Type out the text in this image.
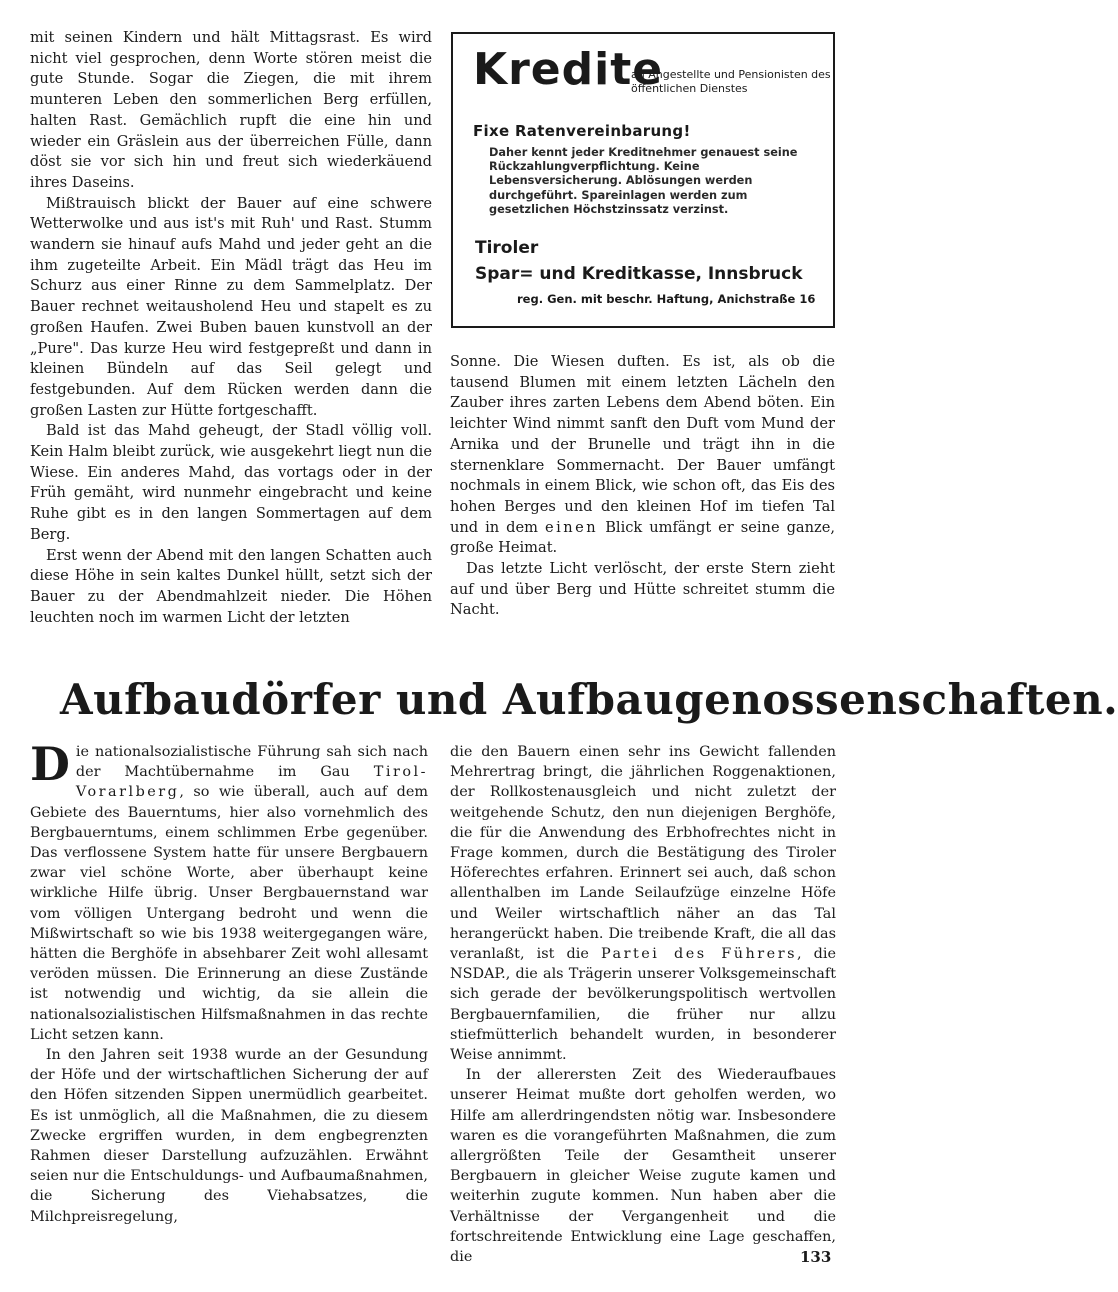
mit seinen Kindern und hält Mittagsrast. Es wird nicht viel gesprochen, denn Worte stören meist die gute Stunde. Sogar die Ziegen, die mit ihrem munteren Leben den sommerlichen Berg erfüllen, halten Rast. Gemächlich rupft die eine hin und wieder ein Gräslein aus der überreichen Fülle, dann döst sie vor sich hin und freut sich wiederkäuend ihres Daseins.

Mißtrauisch blickt der Bauer auf eine schwere Wetterwolke und aus ist's mit Ruh' und Rast. Stumm wandern sie hinauf aufs Mahd und jeder geht an die ihm zugeteilte Arbeit. Ein Mädl trägt das Heu im Schurz aus einer Rinne zu dem Sammelplatz. Der Bauer rechnet weitausholend Heu und stapelt es zu großen Haufen. Zwei Buben bauen kunstvoll an der „Pure". Das kurze Heu wird festgepreßt und dann in kleinen Bündeln auf das Seil gelegt und festgebunden. Auf dem Rücken werden dann die großen Lasten zur Hütte fortgeschafft.

Bald ist das Mahd geheugt, der Stadl völlig voll. Kein Halm bleibt zurück, wie ausgekehrt liegt nun die Wiese. Ein anderes Mahd, das vortags oder in der Früh gemäht, wird nunmehr eingebracht und keine Ruhe gibt es in den langen Sommertagen auf dem Berg.

Erst wenn der Abend mit den langen Schatten auch diese Höhe in sein kaltes Dunkel hüllt, setzt sich der Bauer zu der Abendmahlzeit nieder. Die Höhen leuchten noch im warmen Licht der letzten

Kredite
an Angestellte und Pensionisten des öffentlichen Dienstes
Fixe Ratenvereinbarung!
Daher kennt jeder Kreditnehmer genauest seine Rückzahlungverpflichtung. Keine Lebensversicherung. Ablösungen werden durchgeführt. Spareinlagen werden zum gesetzlichen Höchstzinssatz verzinst.
Tiroler
Spar= und Kreditkasse, Innsbruck
reg. Gen. mit beschr. Haftung, Anichstraße 16

Sonne. Die Wiesen duften. Es ist, als ob die tausend Blumen mit einem letzten Lächeln den Zauber ihres zarten Lebens dem Abend böten. Ein leichter Wind nimmt sanft den Duft vom Mund der Arnika und der Brunelle und trägt ihn in die sternenklare Sommernacht. Der Bauer umfängt nochmals in einem Blick, wie schon oft, das Eis des hohen Berges und den kleinen Hof im tiefen Tal und in dem einen Blick umfängt er seine ganze, große Heimat.

Das letzte Licht verlöscht, der erste Stern zieht auf und über Berg und Hütte schreitet stumm die Nacht.

Aufbaudörfer und Aufbaugenossenschaften.

Die nationalsozialistische Führung sah sich nach der Machtübernahme im Gau Tirol-Vorarlberg, so wie überall, auch auf dem Gebiete des Bauerntums, hier also vornehmlich des Bergbauerntums, einem schlimmen Erbe gegenüber. Das verflossene System hatte für unsere Bergbauern zwar viel schöne Worte, aber überhaupt keine wirkliche Hilfe übrig. Unser Bergbauernstand war vom völligen Untergang bedroht und wenn die Mißwirtschaft so wie bis 1938 weitergegangen wäre, hätten die Berghöfe in absehbarer Zeit wohl allesamt veröden müssen. Die Erinnerung an diese Zustände ist notwendig und wichtig, da sie allein die nationalsozialistischen Hilfsmaßnahmen in das rechte Licht setzen kann.

In den Jahren seit 1938 wurde an der Gesundung der Höfe und der wirtschaftlichen Sicherung der auf den Höfen sitzenden Sippen unermüdlich gearbeitet. Es ist unmöglich, all die Maßnahmen, die zu diesem Zwecke ergriffen wurden, in dem engbegrenzten Rahmen dieser Darstellung aufzuzählen. Erwähnt seien nur die Entschuldungs- und Aufbaumaßnahmen, die Sicherung des Viehabsatzes, die Milchpreisregelung,

die den Bauern einen sehr ins Gewicht fallenden Mehrertrag bringt, die jährlichen Roggenaktionen, der Rollkostenausgleich und nicht zuletzt der weitgehende Schutz, den nun diejenigen Berghöfe, die für die Anwendung des Erbhofrechtes nicht in Frage kommen, durch die Bestätigung des Tiroler Höferechtes erfahren. Erinnert sei auch, daß schon allenthalben im Lande Seilaufzüge einzelne Höfe und Weiler wirtschaftlich näher an das Tal herangerückt haben. Die treibende Kraft, die all das veranlaßt, ist die Partei des Führers, die NSDAP., die als Trägerin unserer Volksgemeinschaft sich gerade der bevölkerungspolitisch wertvollen Bergbauernfamilien, die früher nur allzu stiefmütterlich behandelt wurden, in besonderer Weise annimmt.

In der allerersten Zeit des Wiederaufbaues unserer Heimat mußte dort geholfen werden, wo Hilfe am allerdringendsten nötig war. Insbesondere waren es die vorangeführten Maßnahmen, die zum allergrößten Teile der Gesamtheit unserer Bergbauern in gleicher Weise zugute kamen und weiterhin zugute kommen. Nun haben aber die Verhältnisse der Vergangenheit und die fortschreitende Entwicklung eine Lage geschaffen, die	133
